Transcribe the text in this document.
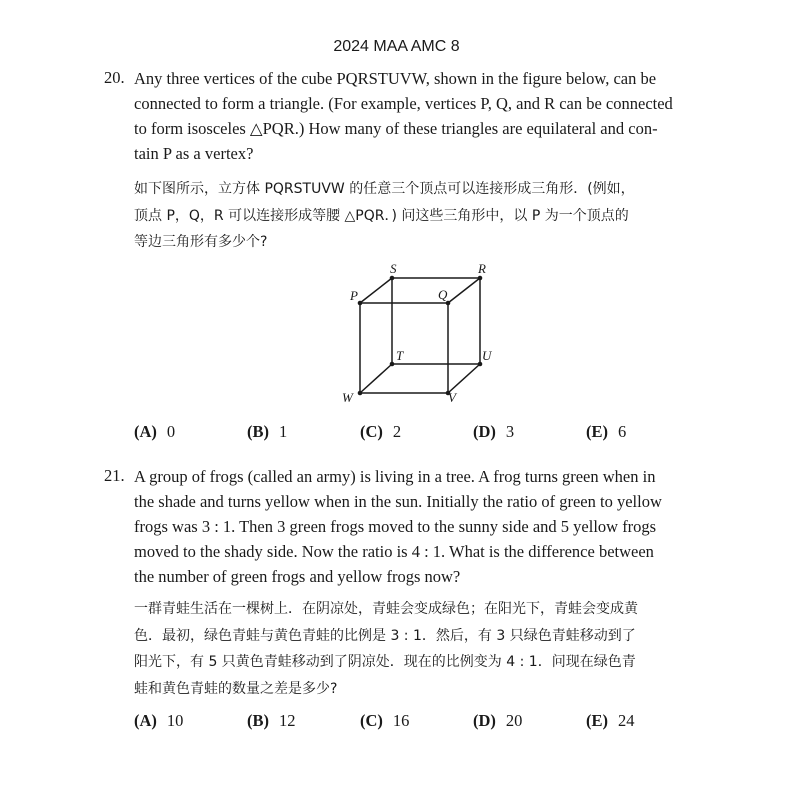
2024 MAA AMC 8
20. Any three vertices of the cube PQRSTUVW, shown in the figure below, can be
connected to form a triangle. (For example, vertices P, Q, and R can be connected
to form isosceles △PQR.) How many of these triangles are equilateral and con-
tain P as a vertex?
如下图所示，立方体 PQRSTUVW 的任意三个顶点可以连接形成三角形．(例如，
顶点 P，Q，R 可以连接形成等腰 △PQR．) 问这些三角形中，以 P 为一个顶点的
等边三角形有多少个?
S	R
P	Q
T	U
W	V
(A) 0	(B) 1	(C) 2	(D) 3	(E) 6
21. A group of frogs (called an army) is living in a tree. A frog turns green when in
the shade and turns yellow when in the sun. Initially the ratio of green to yellow
frogs was 3 : 1. Then 3 green frogs moved to the sunny side and 5 yellow frogs
moved to the shady side. Now the ratio is 4 : 1. What is the difference between
the number of green frogs and yellow frogs now?
一群青蛙生活在一棵树上．在阴凉处，青蛙会变成绿色；在阳光下，青蛙会变成黄
色．最初，绿色青蛙与黄色青蛙的比例是 3 : 1．然后，有 3 只绿色青蛙移动到了
阳光下，有 5 只黄色青蛙移动到了阴凉处．现在的比例变为 4 : 1．问现在绿色青
蛙和黄色青蛙的数量之差是多少?
(A) 10	(B) 12	(C) 16	(D) 20	(E) 24
